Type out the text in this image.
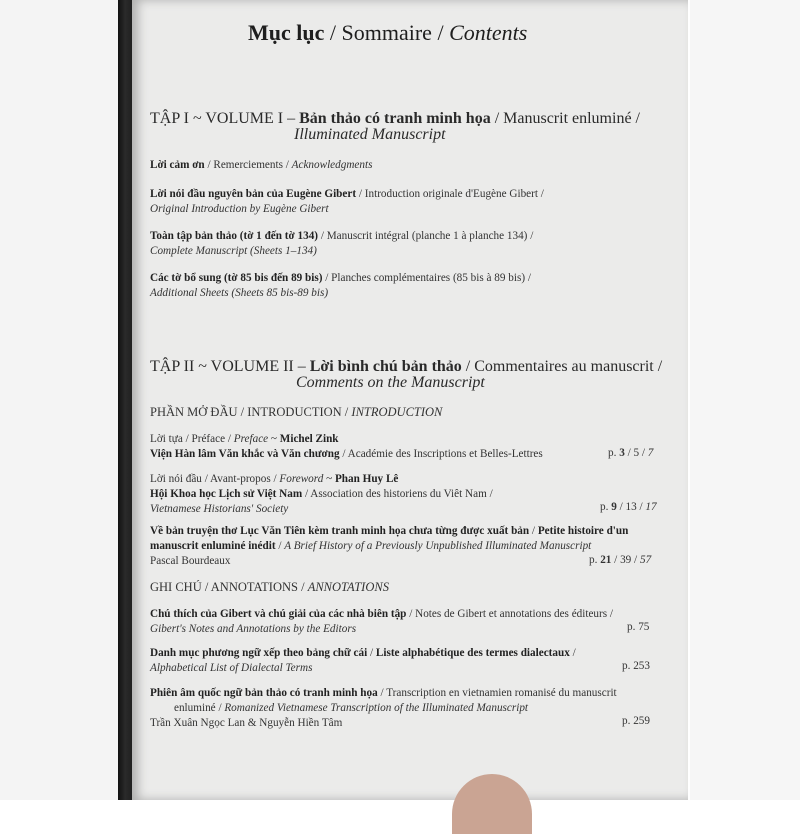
Mục lục / Sommaire / Contents
TẬP I ~ VOLUME I – Bản thảo có tranh minh họa / Manuscrit enluminé /
Illuminated Manuscript
Lời cảm ơn / Remerciements / Acknowledgments
Lời nói đầu nguyên bản của Eugène Gibert / Introduction originale d'Eugène Gibert /
Original Introduction by Eugène Gibert
Toàn tập bản thảo (tờ 1 đến tờ 134) / Manuscrit intégral (planche 1 à planche 134) /
Complete Manuscript (Sheets 1–134)
Các tờ bổ sung (tờ 85 bis đến 89 bis) / Planches complémentaires (85 bis à 89 bis) /
Additional Sheets (Sheets 85 bis-89 bis)
TẬP II ~ VOLUME II – Lời bình chú bản thảo / Commentaires au manuscrit /
Comments on the Manuscript
PHẦN MỞ ĐẦU / INTRODUCTION / INTRODUCTION
Lời tựa / Préface / Preface ~ Michel Zink
Viện Hàn lâm Văn khắc và Văn chương / Académie des Inscriptions et Belles-Lettres	p. 3 / 5 / 7
Lời nói đầu / Avant-propos / Foreword ~ Phan Huy Lê
Hội Khoa học Lịch sử Việt Nam / Association des historiens du Viêt Nam /
Vietnamese Historians' Society	p. 9 / 13 / 17
Về bản truyện thơ Lục Văn Tiên kèm tranh minh họa chưa từng được xuất bản / Petite histoire d'un
manuscrit enluminé inédit / A Brief History of a Previously Unpublished Illuminated Manuscript
Pascal Bourdeaux	p. 21 / 39 / 57
GHI CHÚ / ANNOTATIONS / ANNOTATIONS
Chú thích của Gibert và chú giải của các nhà biên tập / Notes de Gibert et annotations des éditeurs /
Gibert's Notes and Annotations by the Editors	p. 75
Danh mục phương ngữ xếp theo bảng chữ cái / Liste alphabétique des termes dialectaux /
Alphabetical List of Dialectal Terms	p. 253
Phiên âm quốc ngữ bản thảo có tranh minh họa / Transcription en vietnamien romanisé du manuscrit
enluminé / Romanized Vietnamese Transcription of the Illuminated Manuscript
Trần Xuân Ngọc Lan & Nguyễn Hiền Tâm	p. 259
